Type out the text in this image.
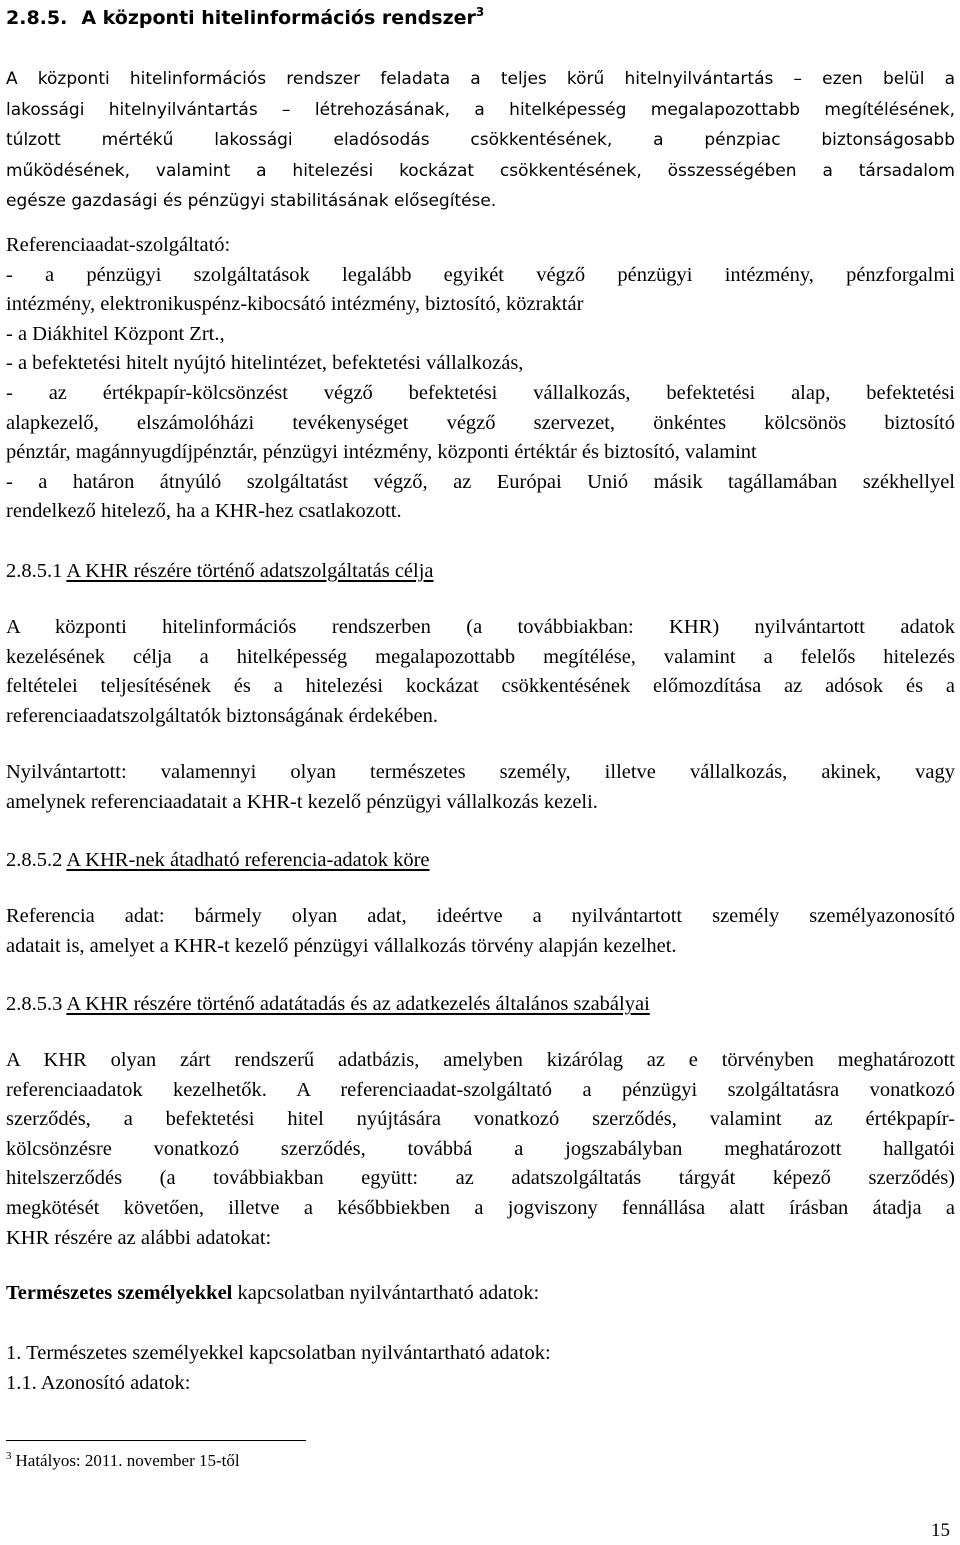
2.8.5. A központi hitelinformációs rendszer$^3$
A központi hitelinformációs rendszer feladata a teljes körű hitelnyilvántartás – ezen belül a
lakossági hitelnyilvántartás – létrehozásának, a hitelképesség megalapozottabb megítélésének,
túlzott mértékű lakossági eladósodás csökkentésének, a pénzpiac biztonságosabb
működésének, valamint a hitelezési kockázat csökkentésének, összességében a társadalom
egésze gazdasági és pénzügyi stabilitásának elősegítése.
Referenciaadat-szolgáltató:
- a pénzügyi szolgáltatások legalább egyikét végző pénzügyi intézmény, pénzforgalmi
intézmény, elektronikuspénz-kibocsátó intézmény, biztosító, közraktár
- a Diákhitel Központ Zrt.,
- a befektetési hitelt nyújtó hitelintézet, befektetési vállalkozás,
- az értékpapír-kölcsönzést végző befektetési vállalkozás, befektetési alap, befektetési
alapkezelő, elszámolóházi tevékenységet végző szervezet, önkéntes kölcsönös biztosító
pénztár, magánnyugdíjpénztár, pénzügyi intézmény, központi értéktár és biztosító, valamint
- a határon átnyúló szolgáltatást végző, az Európai Unió másik tagállamában székhellyel
rendelkező hitelező, ha a KHR-hez csatlakozott.
2.8.5.1 A KHR részére történő adatszolgáltatás célja
A központi hitelinformációs rendszerben (a továbbiakban: KHR) nyilvántartott adatok
kezelésének célja a hitelképesség megalapozottabb megítélése, valamint a felelős hitelezés
feltételei teljesítésének és a hitelezési kockázat csökkentésének előmozdítása az adósok és a
referenciaadatszolgáltatók biztonságának érdekében.
Nyilvántartott: valamennyi olyan természetes személy, illetve vállalkozás, akinek, vagy
amelynek referenciaadatait a KHR-t kezelő pénzügyi vállalkozás kezeli.
2.8.5.2 A KHR-nek átadható referencia-adatok köre
Referencia adat: bármely olyan adat, ideértve a nyilvántartott személy személyazonosító
adatait is, amelyet a KHR-t kezelő pénzügyi vállalkozás törvény alapján kezelhet.
2.8.5.3 A KHR részére történő adatátadás és az adatkezelés általános szabályai
A KHR olyan zárt rendszerű adatbázis, amelyben kizárólag az e törvényben meghatározott
referenciaadatok kezelhetők. A referenciaadat-szolgáltató a pénzügyi szolgáltatásra vonatkozó
szerződés, a befektetési hitel nyújtására vonatkozó szerződés, valamint az értékpapír-
kölcsönzésre vonatkozó szerződés, továbbá a jogszabályban meghatározott hallgatói
hitelszerződés (a továbbiakban együtt: az adatszolgáltatás tárgyát képező szerződés)
megkötését követően, illetve a későbbiekben a jogviszony fennállása alatt írásban átadja a
KHR részére az alábbi adatokat:
Természetes személyekkel kapcsolatban nyilvántartható adatok:
1. Természetes személyekkel kapcsolatban nyilvántartható adatok:
1.1. Azonosító adatok:
$^3$ Hatályos: 2011. november 15-től
15
